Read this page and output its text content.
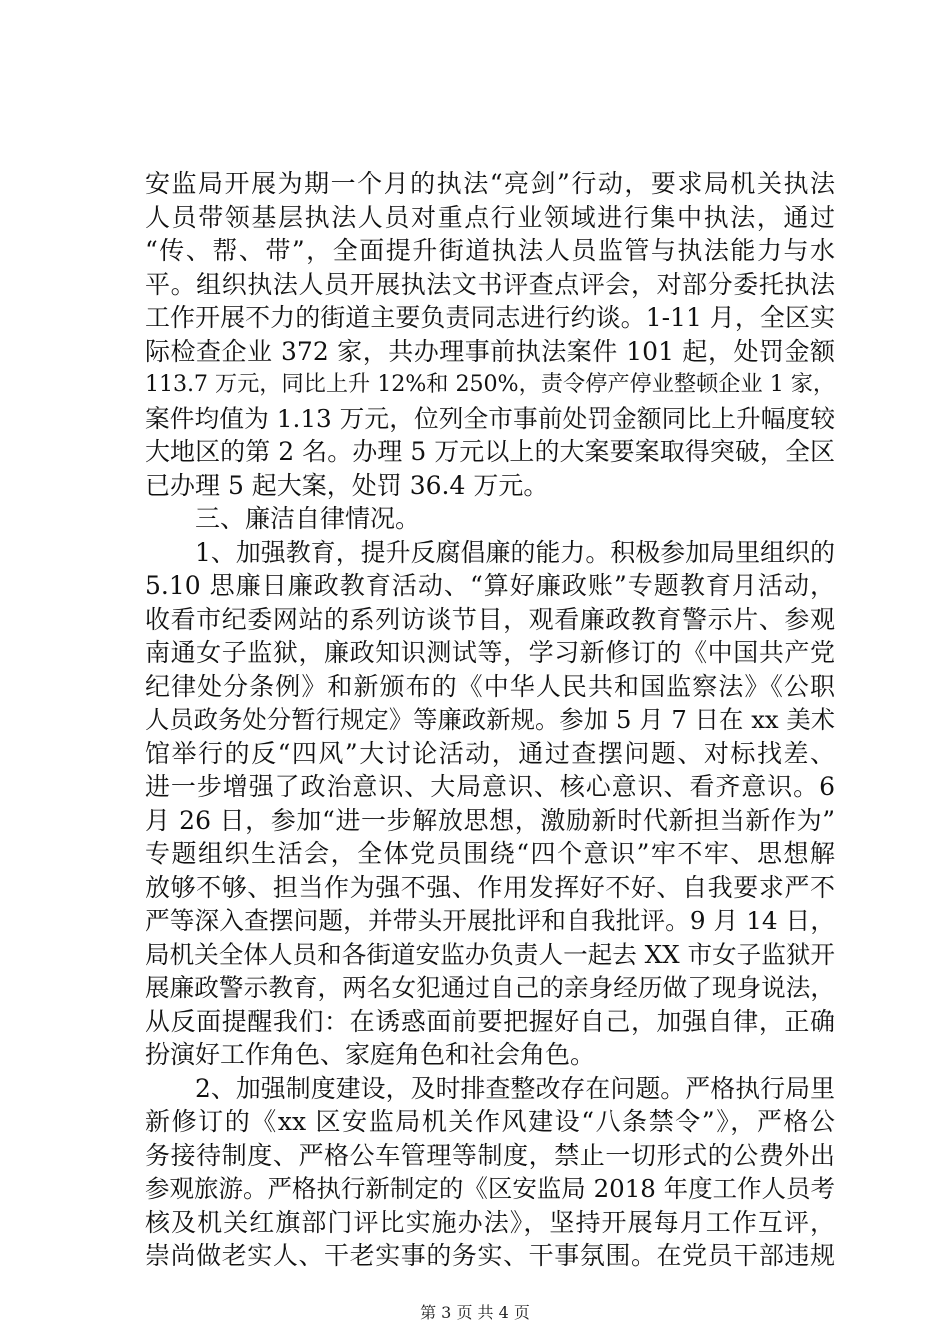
安监局开展为期一个月的执法“亮剑”行动，要求局机关执法
人员带领基层执法人员对重点行业领域进行集中执法，通过
“传、帮、带”，全面提升街道执法人员监管与执法能力与水
平。组织执法人员开展执法文书评查点评会，对部分委托执法
工作开展不力的街道主要负责同志进行约谈。1-11 月，全区实
际检查企业 372 家，共办理事前执法案件 101 起，处罚金额
113.7 万元，同比上升 12%和 250%，责令停产停业整顿企业 1 家，
案件均值为 1.13 万元，位列全市事前处罚金额同比上升幅度较
大地区的第 2 名。办理 5 万元以上的大案要案取得突破，全区
已办理 5 起大案，处罚 36.4 万元。
　　三、廉洁自律情况。
　　1、加强教育，提升反腐倡廉的能力。积极参加局里组织的
5.10 思廉日廉政教育活动、“算好廉政账”专题教育月活动，
收看市纪委网站的系列访谈节目，观看廉政教育警示片、参观
南通女子监狱，廉政知识测试等，学习新修订的《中国共产党
纪律处分条例》和新颁布的《中华人民共和国监察法》《公职
人员政务处分暂行规定》等廉政新规。参加 5 月 7 日在 xx 美术
馆举行的反“四风”大讨论活动，通过查摆问题、对标找差、
进一步增强了政治意识、大局意识、核心意识、看齐意识。6
月 26 日，参加“进一步解放思想，激励新时代新担当新作为”
专题组织生活会，全体党员围绕“四个意识”牢不牢、思想解
放够不够、担当作为强不强、作用发挥好不好、自我要求严不
严等深入查摆问题，并带头开展批评和自我批评。9 月 14 日，
局机关全体人员和各街道安监办负责人一起去 XX 市女子监狱开
展廉政警示教育，两名女犯通过自己的亲身经历做了现身说法，
从反面提醒我们：在诱惑面前要把握好自己，加强自律，正确
扮演好工作角色、家庭角色和社会角色。
　　2、加强制度建设，及时排查整改存在问题。严格执行局里
新修订的《xx 区安监局机关作风建设“八条禁令”》，严格公
务接待制度、严格公车管理等制度，禁止一切形式的公费外出
参观旅游。严格执行新制定的《区安监局 2018 年度工作人员考
核及机关红旗部门评比实施办法》，坚持开展每月工作互评，
崇尚做老实人、干老实事的务实、干事氛围。在党员干部违规
第 3 页 共 4 页
